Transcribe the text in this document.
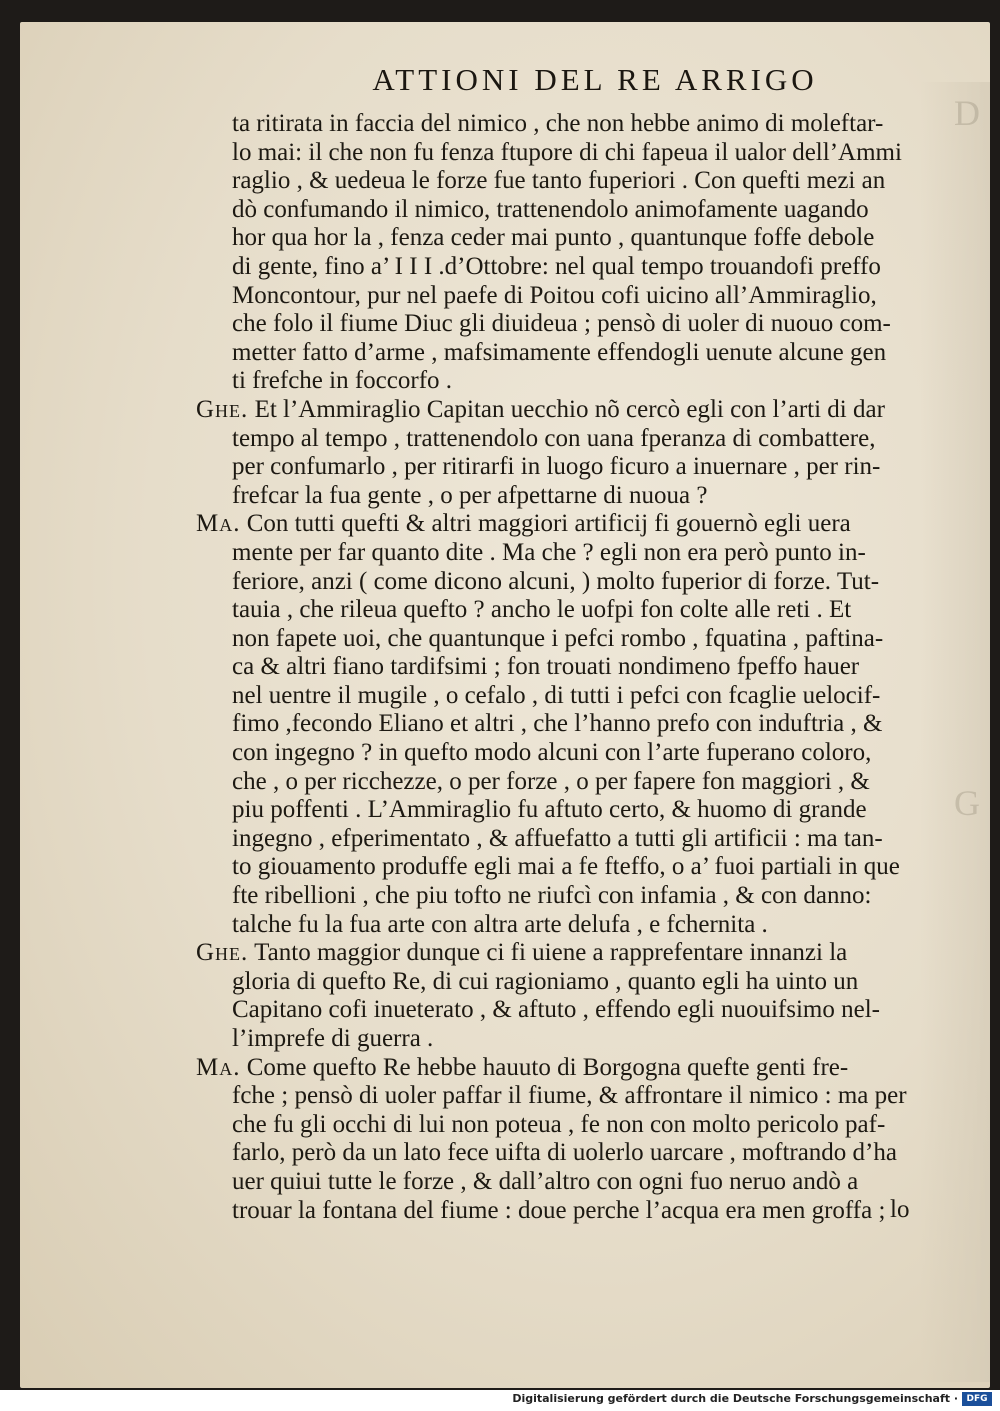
D
G
ATTIONI DEL RE ARRIGO
ta ritirata in faccia del nimico , che non hebbe animo di moleftar-
lo mai: il che non fu fenza ftupore di chi fapeua il ualor dell’Ammi
raglio , & uedeua le forze fue tanto fuperiori . Con quefti mezi an
dò confumando il nimico, trattenendolo animofamente uagando
hor qua hor la , fenza ceder mai punto , quantunque foffe debole
di gente, fino a’ I I I .d’Ottobre: nel qual tempo trouandofi preffo
Moncontour, pur nel paefe di Poitou cofi uicino all’Ammiraglio,
che folo il fiume Diuc gli diuideua ; pensò di uoler di nuouo com-
metter fatto d’arme , mafsimamente effendogli uenute alcune gen
ti frefche in foccorfo .
Ghe. Et l’Ammiraglio Capitan uecchio nõ cercò egli con l’arti di dar
tempo al tempo , trattenendolo con uana fperanza di combattere,
per confumarlo , per ritirarfi in luogo ficuro a inuernare , per rin-
frefcar la fua gente , o per afpettarne di nuoua ?
Ma. Con tutti quefti & altri maggiori artificij fi gouernò egli uera
mente per far quanto dite . Ma che ? egli non era però punto in-
feriore, anzi ( come dicono alcuni, ) molto fuperior di forze. Tut-
tauia , che rileua quefto ? ancho le uofpi fon colte alle reti . Et
non fapete uoi, che quantunque i pefci rombo , fquatina , paftina-
ca & altri fiano tardifsimi ; fon trouati nondimeno fpeffo hauer
nel uentre il mugile , o cefalo , di tutti i pefci con fcaglie uelocif-
fimo ,fecondo Eliano et altri , che l’hanno prefo con induftria , &
con ingegno ? in quefto modo alcuni con l’arte fuperano coloro,
che , o per ricchezze, o per forze , o per fapere fon maggiori , &
piu poffenti . L’Ammiraglio fu aftuto certo, & huomo di grande
ingegno , efperimentato , & affuefatto a tutti gli artificii : ma tan-
to giouamento produffe egli mai a fe fteffo, o a’ fuoi partiali in que
fte ribellioni , che piu tofto ne riufcì con infamia , & con danno:
talche fu la fua arte con altra arte delufa , e fchernita .
Ghe. Tanto maggior dunque ci fi uiene a rapprefentare innanzi la
gloria di quefto Re, di cui ragioniamo , quanto egli ha uinto un
Capitano cofi inueterato , & aftuto , effendo egli nuouifsimo nel-
l’imprefe di guerra .
Ma. Come quefto Re hebbe hauuto di Borgogna quefte genti fre-
fche ; pensò di uoler paffar il fiume, & affrontare il nimico : ma per
che fu gli occhi di lui non poteua , fe non con molto pericolo paf-
farlo, però da un lato fece uifta di uolerlo uarcare , moftrando d’ha
uer quiui tutte le forze , & dall’altro con ogni fuo neruo andò a
trouar la fontana del fiume : doue perche l’acqua era men groffa ; lo
Digitalisierung gefördert durch die Deutsche Forschungsgemeinschaft · DFG
